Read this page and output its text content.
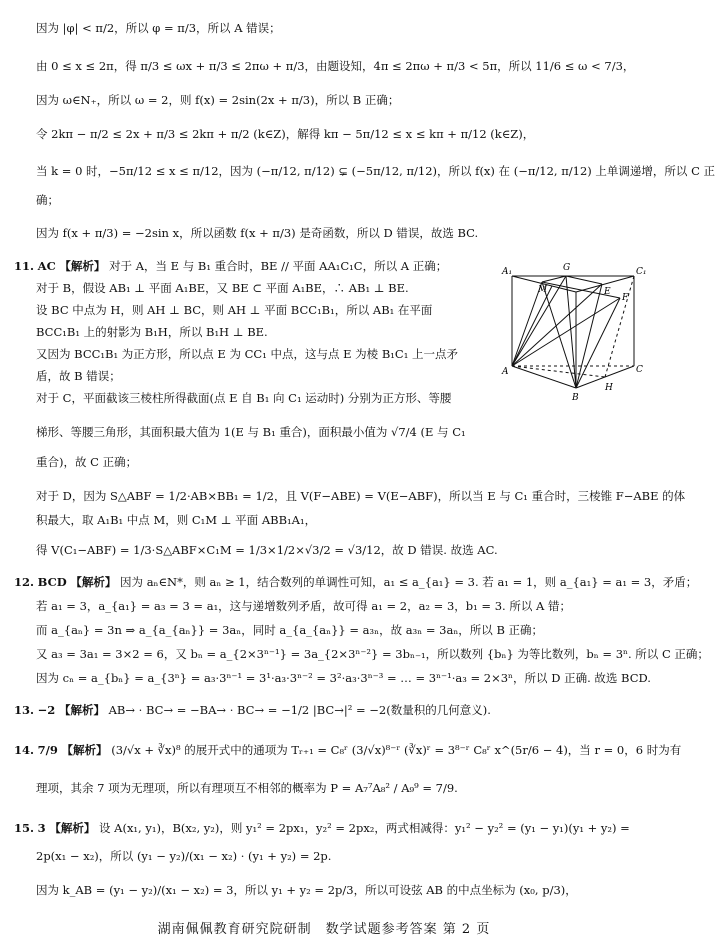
因为 |φ| < π/2，所以 φ = π/3，所以 A 错误；
由 0 ≤ x ≤ 2π，得 π/3 ≤ ωx + π/3 ≤ 2πω + π/3，由题设知，4π ≤ 2πω + π/3 < 5π，所以 11/6 ≤ ω < 7/3，
因为 ω∈N₊，所以 ω = 2，则 f(x) = 2sin(2x + π/3)，所以 B 正确；
令 2kπ − π/2 ≤ 2x + π/3 ≤ 2kπ + π/2 (k∈Z)，解得 kπ − 5π/12 ≤ x ≤ kπ + π/12 (k∈Z)，
当 k = 0 时，−5π/12 ≤ x ≤ π/12，因为 (−π/12, π/12) ⊊ (−5π/12, π/12)，所以 f(x) 在 (−π/12, π/12) 上单调递增，所以 C 正
确；
因为 f(x + π/3) = −2sin x，所以函数 f(x + π/3) 是奇函数，所以 D 错误，故选 BC.
11. AC 【解析】 对于 A，当 E 与 B₁ 重合时，BE // 平面 AA₁C₁C，所以 A 正确；
对于 B，假设 AB₁ ⊥ 平面 A₁BE，又 BE ⊂ 平面 A₁BE，∴ AB₁ ⊥ BE.
设 BC 中点为 H，则 AH ⊥ BC，则 AH ⊥ 平面 BCC₁B₁，所以 AB₁ 在平面
BCC₁B₁ 上的射影为 B₁H，所以 B₁H ⊥ BE.
又因为 BCC₁B₁ 为正方形，所以点 E 为 CC₁ 中点，这与点 E 为棱 B₁C₁ 上一点矛
盾，故 B 错误；
对于 C，平面截该三棱柱所得截面(点 E 自 B₁ 向 C₁ 运动时) 分别为正方形、等腰
梯形、等腰三角形，其面积最大值为 1(E 与 B₁ 重合)，面积最小值为 √7/4 (E 与 C₁
重合)，故 C 正确；
对于 D，因为 S△ABF = 1/2·AB×BB₁ = 1/2，且 V(F−ABE) = V(E−ABF)，所以当 E 与 C₁ 重合时，三棱锥 F−ABE 的体
积最大，取 A₁B₁ 中点 M，则 C₁M ⊥ 平面 ABB₁A₁，
得 V(C₁−ABF) = 1/3·S△ABF×C₁M = 1/3×1/2×√3/2 = √3/12，故 D 错误. 故选 AC.
A₁	G	C₁
F
E
A	C
B
H
M
12. BCD 【解析】 因为 aₙ∈N*，则 aₙ ≥ 1，结合数列的单调性可知，a₁ ≤ a_{a₁} = 3. 若 a₁ = 1，则 a_{a₁} = a₁ = 3，矛盾；
若 a₁ = 3，a_{a₁} = a₃ = 3 = a₁，这与递增数列矛盾，故可得 a₁ = 2，a₂ = 3，b₁ = 3. 所以 A 错；
而 a_{aₙ} = 3n ⇒ a_{a_{aₙ}} = 3aₙ，同时 a_{a_{aₙ}} = a₃ₙ，故 a₃ₙ = 3aₙ，所以 B 正确；
又 a₃ = 3a₁ = 3×2 = 6，又 bₙ = a_{2×3ⁿ⁻¹} = 3a_{2×3ⁿ⁻²} = 3bₙ₋₁，所以数列 {bₙ} 为等比数列，bₙ = 3ⁿ. 所以 C 正确；
因为 cₙ = a_{bₙ} = a_{3ⁿ} = a₃·3ⁿ⁻¹ = 3¹·a₃·3ⁿ⁻² = 3²·a₃·3ⁿ⁻³ = … = 3ⁿ⁻¹·a₃ = 2×3ⁿ，所以 D 正确. 故选 BCD.
13. −2 【解析】 AB→ · BC→ = −BA→ · BC→ = −1/2 |BC→|² = −2(数量积的几何意义).
14. 7/9 【解析】 (3/√x + ∛x)⁸ 的展开式中的通项为 Tᵣ₊₁ = C₈ʳ (3/√x)⁸⁻ʳ (∛x)ʳ = 3⁸⁻ʳ C₈ʳ x^(5r/6 − 4)，当 r = 0，6 时为有
理项，其余 7 项为无理项，所以有理项互不相邻的概率为 P = A₇⁷A₈² / A₉⁹ = 7/9.
15. 3 【解析】 设 A(x₁, y₁)，B(x₂, y₂)，则 y₁² = 2px₁，y₂² = 2px₂，两式相减得：y₁² − y₂² = (y₁ − y₁)(y₁ + y₂) =
2p(x₁ − x₂)，所以 (y₁ − y₂)/(x₁ − x₂) · (y₁ + y₂) = 2p.
因为 k_AB = (y₁ − y₂)/(x₁ − x₂) = 3，所以 y₁ + y₂ = 2p/3，所以可设弦 AB 的中点坐标为 (x₀, p/3)，
湖南佩佩教育研究院研制　数学试题参考答案 第 2 页
